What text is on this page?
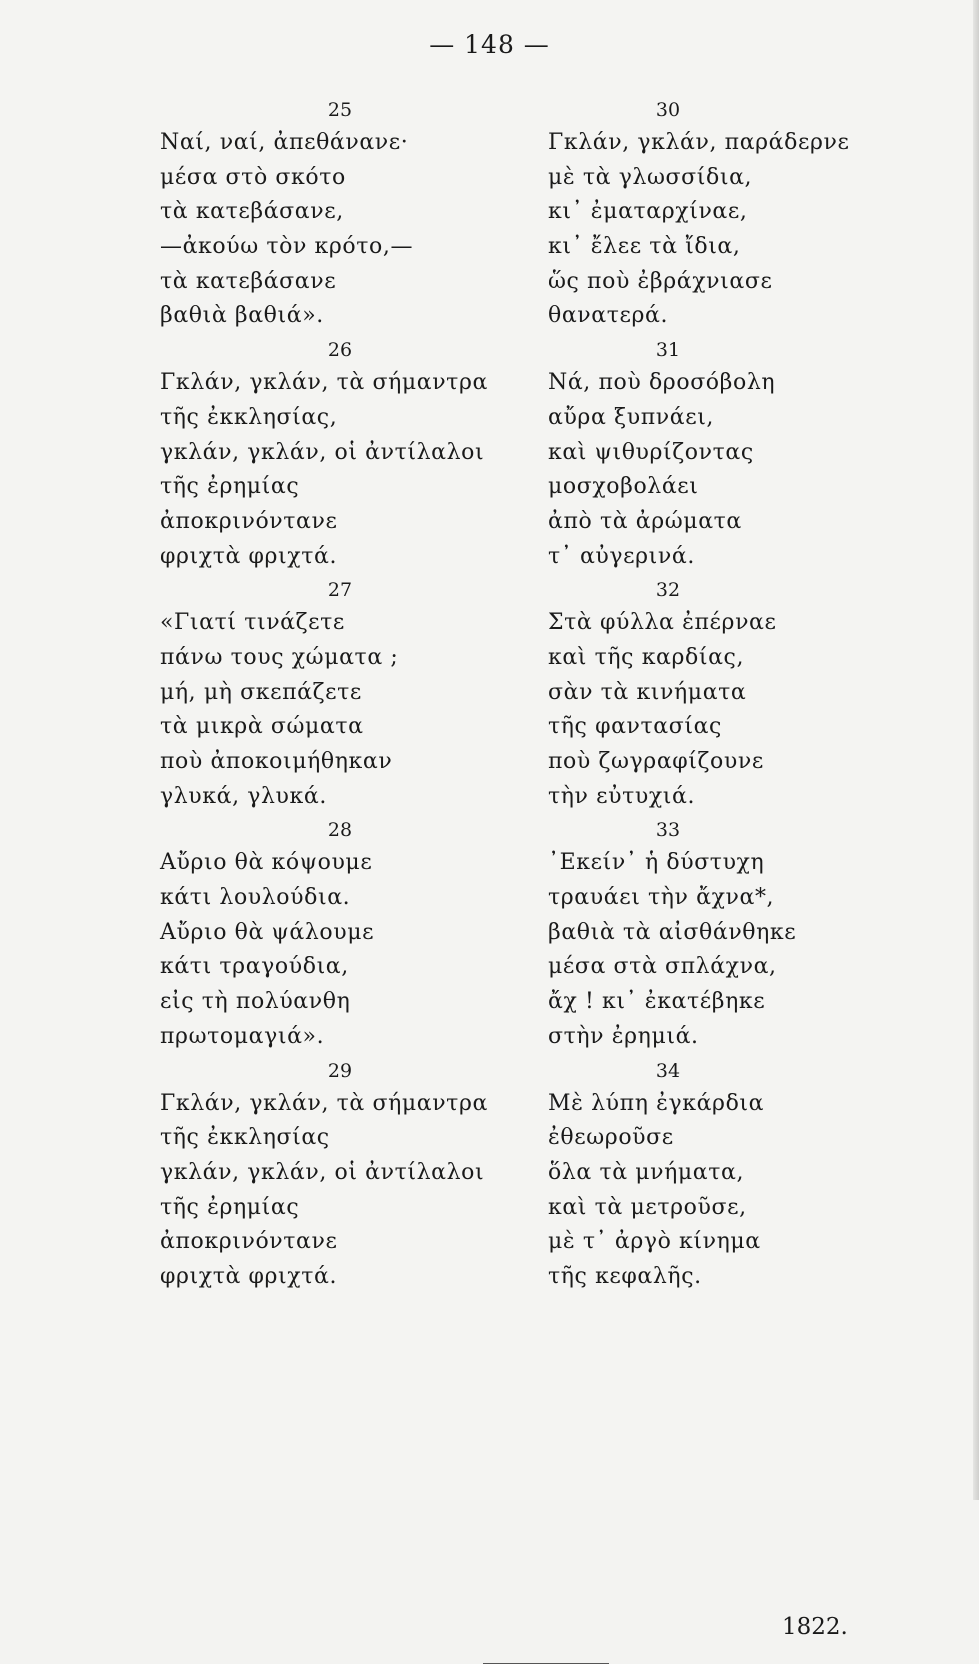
— 148 —
25
Ναί, ναί, ἀπεθάνανε·
μέσα στὸ σκότο
τὰ κατεβάσανε,
—ἀκούω τὸν κρότο,—
τὰ κατεβάσανε
βαθιὰ βαθιά».
26
Γκλάν, γκλάν, τὰ σήμαντρα
τῆς ἐκκλησίας,
γκλάν, γκλάν, οἱ ἀντίλαλοι
τῆς ἐρημίας
ἀποκρινόντανε
φριχτὰ φριχτά.
27
«Γιατί τινάζετε
πάνω τους χώματα ;
μή, μὴ σκεπάζετε
τὰ μικρὰ σώματα
ποὺ ἀποκοιμήθηκαν
γλυκά, γλυκά.
28
Αὔριο θὰ κόψουμε
κάτι λουλούδια.
Αὔριο θὰ ψάλουμε
κάτι τραγούδια,
εἰς τὴ πολύανθη
πρωτομαγιά».
29
Γκλάν, γκλάν, τὰ σήμαντρα
τῆς ἐκκλησίας
γκλάν, γκλάν, οἱ ἀντίλαλοι
τῆς ἐρημίας
ἀποκρινόντανε
φριχτὰ φριχτά.
30
Γκλάν, γκλάν, παράδερνε
μὲ τὰ γλωσσίδια,
κι᾽ ἐματαρχίναε,
κι᾽ ἔλεε τὰ ἴδια,
ὥς ποὺ ἐβράχνιασε
θανατερά.
31
Νά, ποὺ δροσόβολη
αὔρα ξυπνάει,
καὶ ψιθυρίζοντας
μοσχοβολάει
ἀπὸ τὰ ἀρώματα
τ᾽ αὐγερινά.
32
Στὰ φύλλα ἐπέρναε
καὶ τῆς καρδίας,
σὰν τὰ κινήματα
τῆς φαντασίας
ποὺ ζωγραφίζουνε
τὴν εὐτυχιά.
33
᾽Εκείν᾽ ἡ δύστυχη
τραυάει τὴν ἄχνα*,
βαθιὰ τὰ αἰσθάνθηκε
μέσα στὰ σπλάχνα,
ἄχ ! κι᾽ ἐκατέβηκε
στὴν ἐρημιά.
34
Μὲ λύπη ἐγκάρδια
ἐθεωροῦσε
ὅλα τὰ μνήματα,
καὶ τὰ μετροῦσε,
μὲ τ᾽ ἀργὸ κίνημα
τῆς κεφαλῆς.
1822.
